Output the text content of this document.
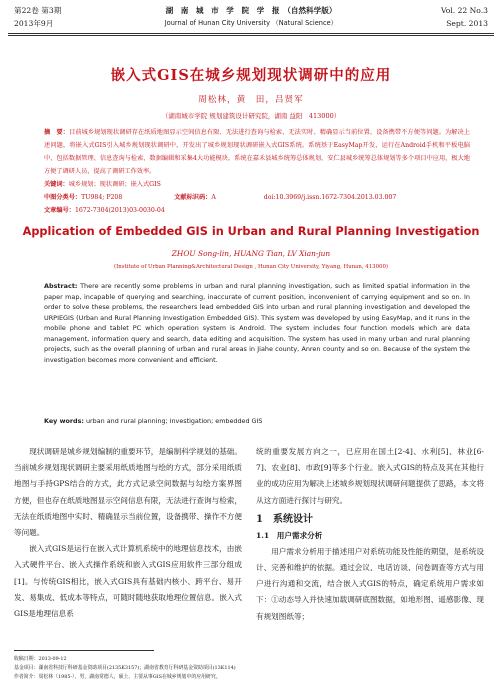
第22卷 第3期
2013年9月
湖　南　城　市　学　院　学　报　（自然科学版）
Journal of Hunan City University （Natural Science）
Vol. 22 No.3
Sept. 2013
嵌入式GIS在城乡规划现状调研中的应用
周松林，黄　田，吕贤军
（湖南城市学院 规划建筑设计研究院，湖南 益阳　413000）
摘　要：目前城乡规划现状调研存在纸质地图显示空间信息有限、无法进行查询与检索、无法实时、精确显示当前位置、设备携带不方便等问题。为解决上述问题，将嵌入式GIS引入城乡规划现状调研中，开发出了城乡规划现状调研嵌入式GIS系统。系统基于EasyMap开发，运行在Android手机和平板电脑中，包括数据管理、信息查询与检索、数据编辑和采集4大功能模块。系统在嘉禾县城乡统筹总体规划、安仁县城乡统筹总体规划等多个项目中应用，极大地方便了调研人员，提高了调研工作效率。
关键词：城乡规划；现状调研；嵌入式GIS
中图分类号：TU984; P208	文献标识码：A	doi:10.3969/j.issn.1672-7304.2013.03.007
文章编号：1672-7304(2013)03-0030-04
Application of Embedded GIS in Urban and Rural Planning Investigation
ZHOU Song-lin, HUANG Tian, LV Xian-jun
(Institute of Urban Planning&Architectural Design , Hunan City University, Yiyang, Hunan, 413000)
Abstract: There are recently some problems in urban and rural planning investigation, such as limited spatial information in the paper map, incapable of querying and searching, inaccurate of current position, inconvenient of carrying equipment and so on. In order to solve these problems, the researchers lead embedded GIS into urban and rural planning investigation and developed the URPIEGIS (Urban and Rural Planning Investigation Embedded GIS). This system was developed by using EasyMap, and it runs in the mobile phone and tablet PC which operation system is Android. The system includes four function models which are data management, information query and search, data editing and acquisition. The system has used in many urban and rural planning projects, such as the overall planning of urban and rural areas in Jiahe county, Anren county and so on. Because of the system the investigation becomes more convenient and efficient.
Key words: urban and rural planning; investigation; embedded GIS

现状调研是城乡规划编制的重要环节，是编制科学规划的基础。当前城乡规划现状调研主要采用纸质地图与绘的方式，部分采用纸质地图与手持GPS结合的方式，此方式记录空间数据与勾绘方案界图方便，但也存在纸质地图显示空间信息有限，无法进行查询与检索，无法在纸质地图中实时、精确显示当前位置，设备携带、操作不方便等问题。

嵌入式GIS是运行在嵌入式计算机系统中的地理信息技术，由嵌入式硬件平台、嵌入式操作系统和嵌入式GIS应用软件三部分组成[1]。与传统GIS相比，嵌入式GIS具有基础内核小、跨平台、易开发、易集成、低成本等特点，可随时随地获取地理位置信息。嵌入式GIS是地理信息系

统的重要发展方向之一，已应用在国土[2-4]、水利[5]、林业[6-7]、农业[8]、市政[9]等多个行业。嵌入式GIS的特点及其在其他行业的成功应用为解决上述城乡规划现状调研问题提供了思路，本文将从这方面进行探讨与研究。

1　系统设计
1.1　用户需求分析

用户需求分析用于描述用户对系统功能及性能的期望，是系统设计、完善和维护的依据。通过会议、电话访谈、问卷调查等方式与用户进行沟通和交流，结合嵌入式GIS的特点，确定系统用户需求如下：①动态导入并快速加载调研底图数据，如地形图、遥感影像、现有规划图纸等；

收稿日期：2013-09-12
基金项目：湖南省科技厅科研基金资助项目(2135K3157)；湖南省教育厅科研基金资助项目(13K114)
作者简介：周松林（1985-），男，湖南常德人，硕士，主要从事GIS在城乡规划中的应用研究。
